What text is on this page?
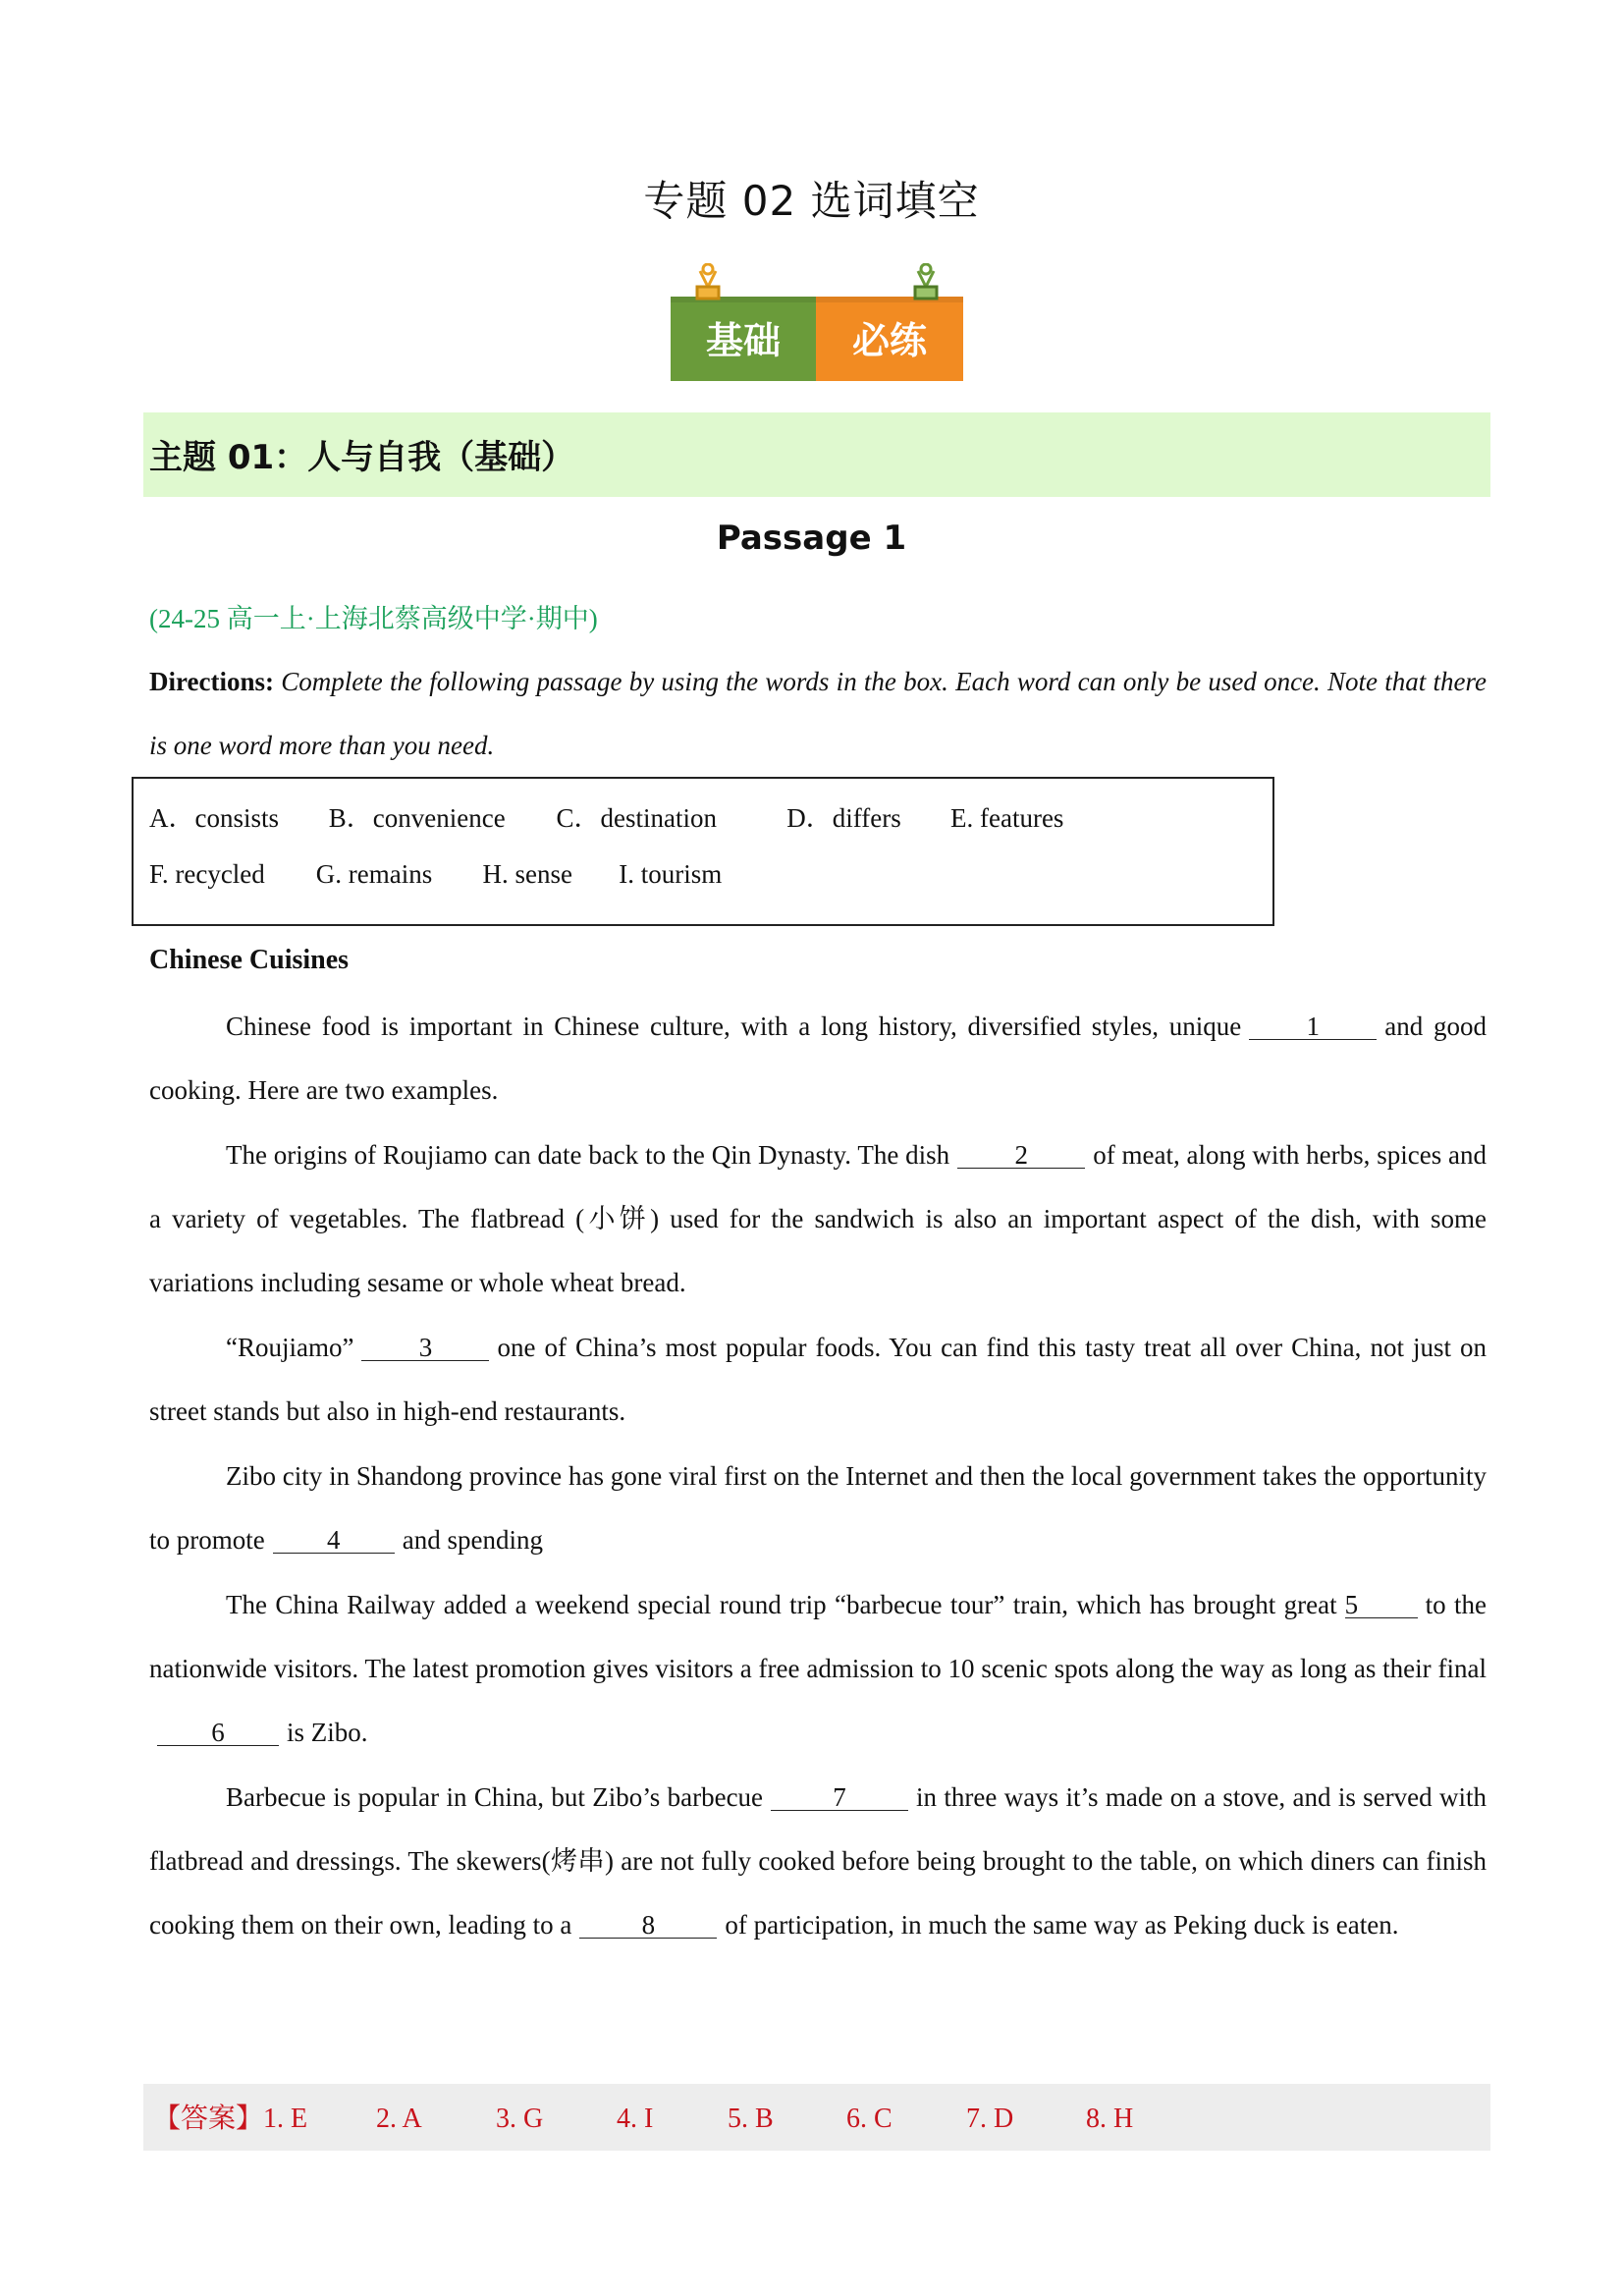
专题 02 选词填空
基础 必练
主题 01：人与自我（基础）
Passage 1
(24-25 高一上·上海北蔡高级中学·期中)
Directions: Complete the following passage by using the words in the box. Each word can only be used once. Note that there is one word more than you need.
A．consists B．convenience C．destination	D．differs E. features
F. recycled G. remains H. sense I. tourism
Chinese Cuisines
Chinese food is important in Chinese culture, with a long history, diversified styles, unique 1 and good cooking. Here are two examples.
The origins of Roujiamo can date back to the Qin Dynasty. The dish 2 of meat, along with herbs, spices and a variety of vegetables. The flatbread (小饼) used for the sandwich is also an important aspect of the dish, with some variations including sesame or whole wheat bread.
“Roujiamo” 3 one of China’s most popular foods. You can find this tasty treat all over China, not just on street stands but also in high-end restaurants.
Zibo city in Shandong province has gone viral first on the Internet and then the local government takes the opportunity to promote 4 and spending
The China Railway added a weekend special round trip “barbecue tour” train, which has brought great 5	to the nationwide visitors. The latest promotion gives visitors a free admission to 10 scenic spots along the way as long as their final6 is Zibo.
Barbecue is popular in China, but Zibo’s barbecue	7	in three ways it’s made on a stove, and is served with flatbread and dressings. The skewers(烤串) are not fully cooked before being brought to the table, on which diners can finish cooking them on their own, leading to a	8	of participation, in much the same way as Peking duck is eaten.
【答案】1. E 2. A	3. G	4. I	5. B	6. C	7. D	8. H
